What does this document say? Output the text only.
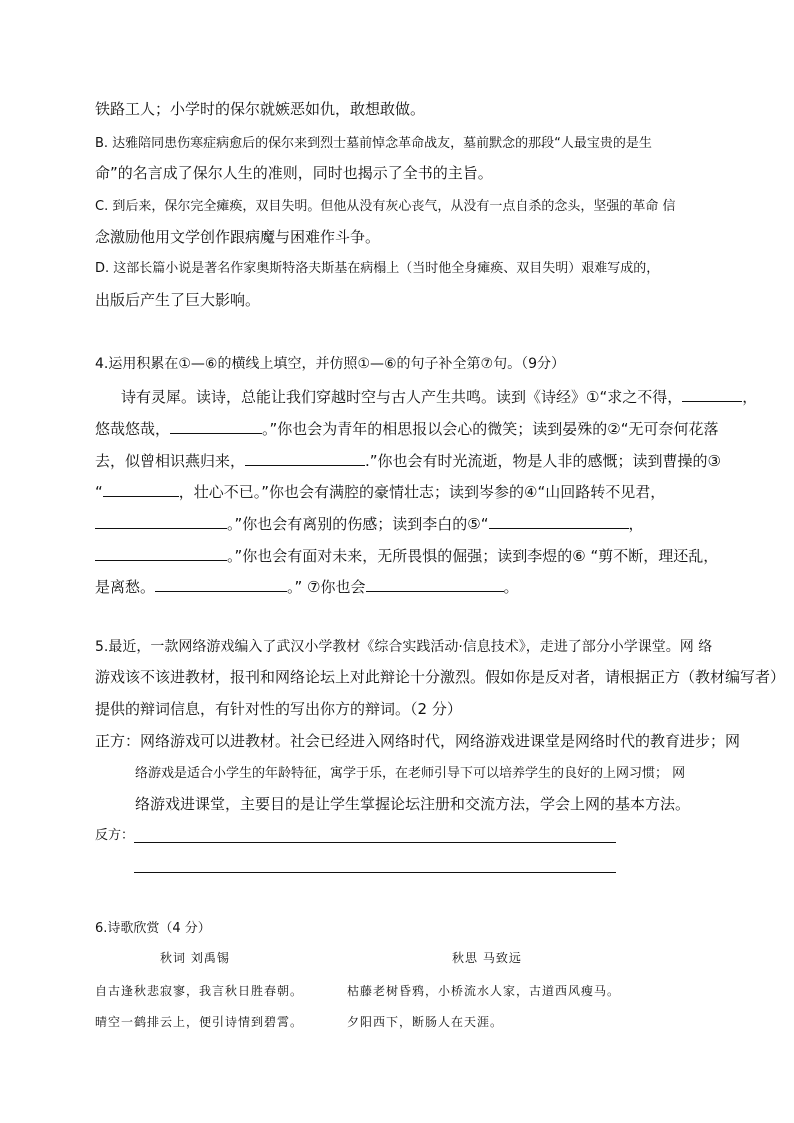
铁路工人；小学时的保尔就嫉恶如仇，敢想敢做。
B. 达雅陪同患伤寒症病愈后的保尔来到烈士墓前悼念革命战友，墓前默念的那段“人最宝贵的是生
命”的名言成了保尔人生的准则，同时也揭示了全书的主旨。
C. 到后来，保尔完全瘫痪，双目失明。但他从没有灰心丧气，从没有一点自杀的念头，坚强的革命 信
念激励他用文学创作跟病魔与困难作斗争。
D. 这部长篇小说是著名作家奥斯特洛夫斯基在病榻上（当时他全身瘫痪、双目失明）艰难写成的，
出版后产生了巨大影响。
4.运用积累在①—⑥的横线上填空，并仿照①—⑥的句子补全第⑦句。（9分）
诗有灵犀。读诗，总能让我们穿越时空与古人产生共鸣。读到《诗经》①“求之不得，	，
悠哉悠哉，	。”你也会为青年的相思报以会心的微笑；读到晏殊的②“无可奈何花落
去，似曾相识燕归来，	.”你也会有时光流逝，物是人非的感慨；读到曹操的③
“	，壮心不已。”你也会有满腔的豪情壮志；读到岑参的④“山回路转不见君，
。”你也会有离别的伤感；读到李白的⑤“	，
。”你也会有面对未来，无所畏惧的倔强；读到李煜的⑥ “剪不断，理还乱，
是离愁。	。” ⑦你也会	。
5.最近，一款网络游戏编入了武汉小学教材《综合实践活动·信息技术》，走进了部分小学课堂。网 络
游戏该不该进教材，报刊和网络论坛上对此辩论十分激烈。假如你是反对者，请根据正方（教材编写者）
提供的辩词信息，有针对性的写出你方的辩词。（2 分）
正方：网络游戏可以进教材。社会已经进入网络时代，网络游戏进课堂是网络时代的教育进步；网
络游戏是适合小学生的年龄特征，寓学于乐，在老师引导下可以培养学生的良好的上网习惯； 网
络游戏进课堂，主要目的是让学生掌握论坛注册和交流方法，学会上网的基本方法。
反方：
6.诗歌欣赏（4 分）
秋词 刘禹锡	秋思 马致远
自古逢秋悲寂寥，我言秋日胜春朝。	枯藤老树昏鸦，小桥流水人家，古道西风瘦马。
晴空一鹤排云上，便引诗情到碧霄。	夕阳西下，断肠人在天涯。
